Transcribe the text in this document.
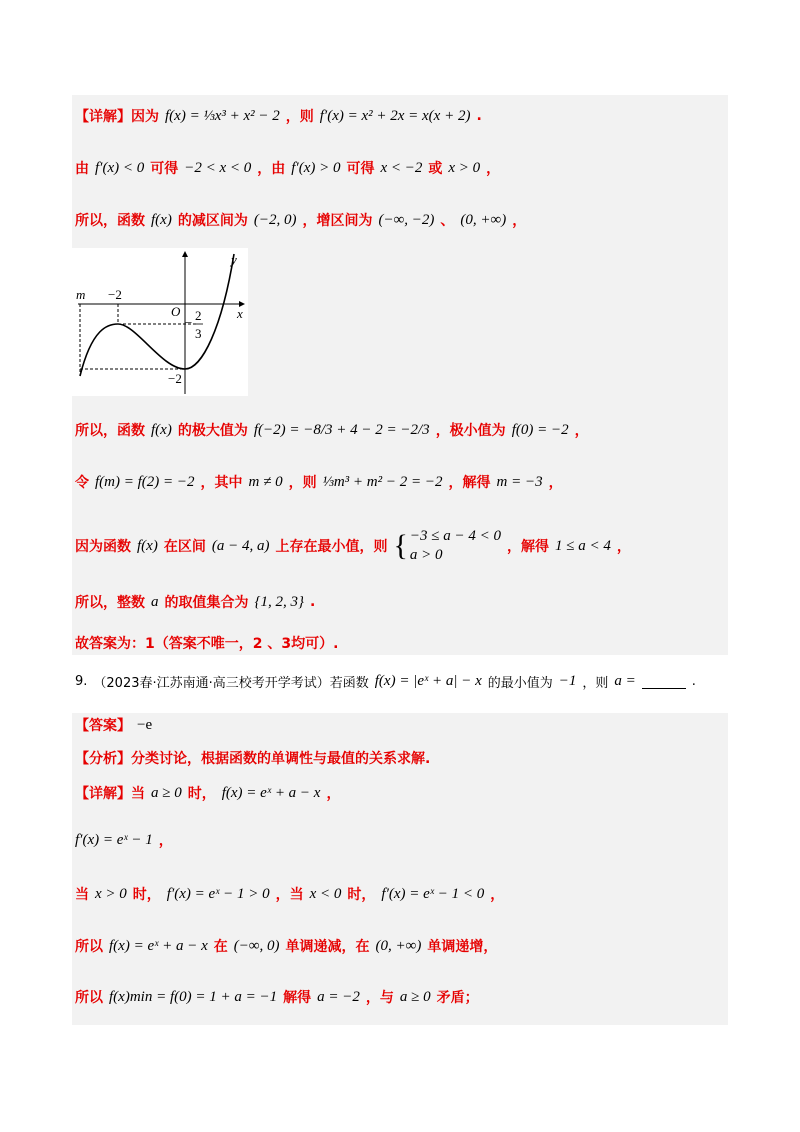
【详解】因为 f(x) = ⅓x³ + x² − 2 ，则 f′(x) = x² + 2x = x(x + 2) .
由 f′(x) < 0 可得 −2 < x < 0 ，由 f′(x) > 0 可得 x < −2 或 x > 0 ，
所以，函数 f(x) 的减区间为 (−2, 0) ，增区间为 (−∞, −2) 、 (0, +∞) ，
y
x
O
m −2
− 2
3
−2
所以，函数 f(x) 的极大值为 f(−2) = −8/3 + 4 − 2 = −2/3 ，极小值为 f(0) = −2 ，
令 f(m) = f(2) = −2 ，其中 m ≠ 0 ，则 ⅓m³ + m² − 2 = −2 ，解得 m = −3 ，
因为函数 f(x) 在区间 (a − 4, a) 上存在最小值，则 { −3 ≤ a − 4 < 0
a > 0	，解得 1 ≤ a < 4 ，
所以，整数 a 的取值集合为 {1, 2, 3} .
故答案为：1（答案不唯一，2 、3均可）.
9. （2023春·江苏南通·高三校考开学考试）若函数 f(x) = |eˣ + a| − x 的最小值为 −1 ，则 a =	.
【答案】 −e
【分析】分类讨论，根据函数的单调性与最值的关系求解.
【详解】当 a ≥ 0 时， f(x) = eˣ + a − x ，
f′(x) = eˣ − 1 ，
当 x > 0 时， f′(x) = eˣ − 1 > 0 ，当 x < 0 时， f′(x) = eˣ − 1 < 0 ，
所以 f(x) = eˣ + a − x 在 (−∞, 0) 单调递减，在 (0, +∞) 单调递增，
所以 f(x)min = f(0) = 1 + a = −1 解得 a = −2 ，与 a ≥ 0 矛盾；
